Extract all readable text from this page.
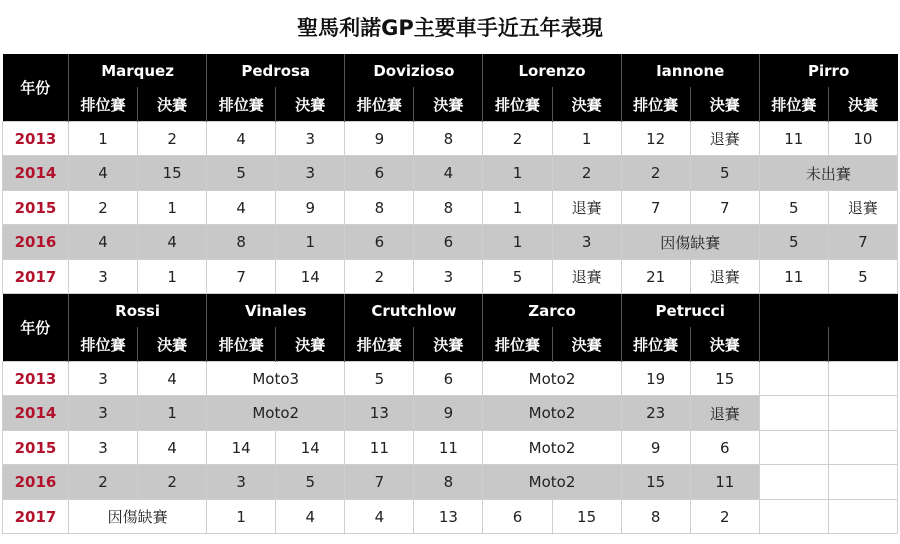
聖馬利諾GP主要車手近五年表現
年份	Marquez		Pedrosa		Dovizioso		Lorenzo		Iannone		Pirro	
	排位賽	決賽	排位賽	決賽	排位賽	決賽	排位賽	決賽	排位賽	決賽	排位賽	決賽
2013	1	2	4	3	9	8	2	1	12	退賽	11	10
2014	4	15	5	3	6	4	1	2	2	5	未出賽	
2015	2	1	4	9	8	8	1	退賽	7	7	5	退賽
2016	4	4	8	1	6	6	1	3	因傷缺賽		5	7
2017	3	1	7	14	2	3	5	退賽	21	退賽	11	5
年份	Rossi		Vinales		Crutchlow		Zarco		Petrucci			
	排位賽	決賽	排位賽	決賽	排位賽	決賽	排位賽	決賽	排位賽	決賽		
2013	3	4	Moto3		5	6	Moto2		19	15		
2014	3	1	Moto2		13	9	Moto2		23	退賽		
2015	3	4	14	14	11	11	Moto2		9	6		
2016	2	2	3	5	7	8	Moto2		15	11		
2017	因傷缺賽		1	4	4	13	6	15	8	2		
